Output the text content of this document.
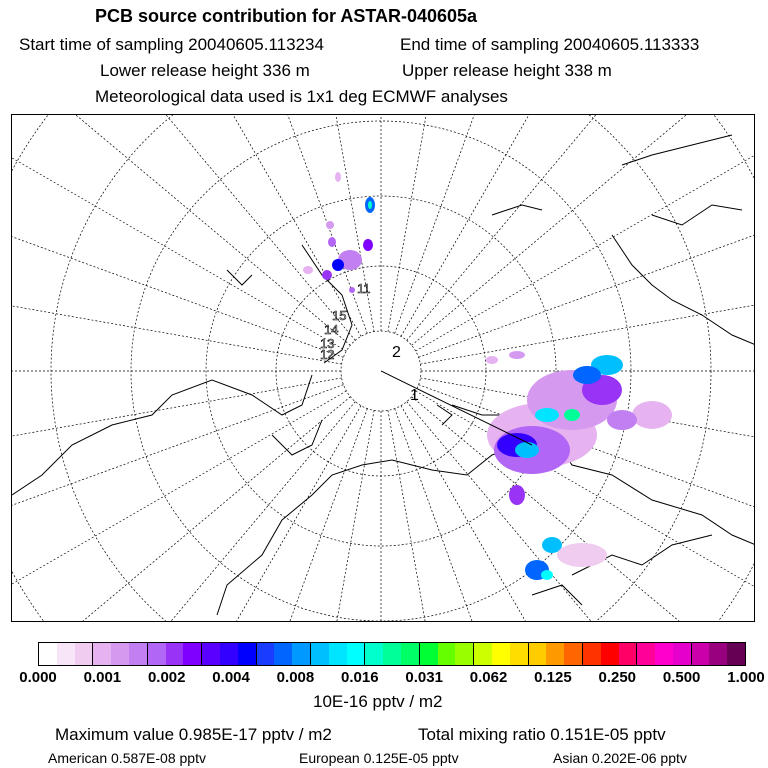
PCB source contribution for ASTAR-040605a
Start time of sampling 20040605.113234	End time of sampling 20040605.113333
Lower release height 336 m	Upper release height 338 m
Meteorological data used is 1x1 deg ECMWF analyses
2
1
15
14
13
12
11
0.000 0.001 0.002 0.004 0.008 0.016 0.031 0.062 0.125 0.250 0.500 1.000
10E-16 pptv / m2
Maximum value 0.985E-17 pptv / m2	Total mixing ratio 0.151E-05 pptv
American 0.587E-08 pptv	European 0.125E-05 pptv	Asian 0.202E-06 pptv
